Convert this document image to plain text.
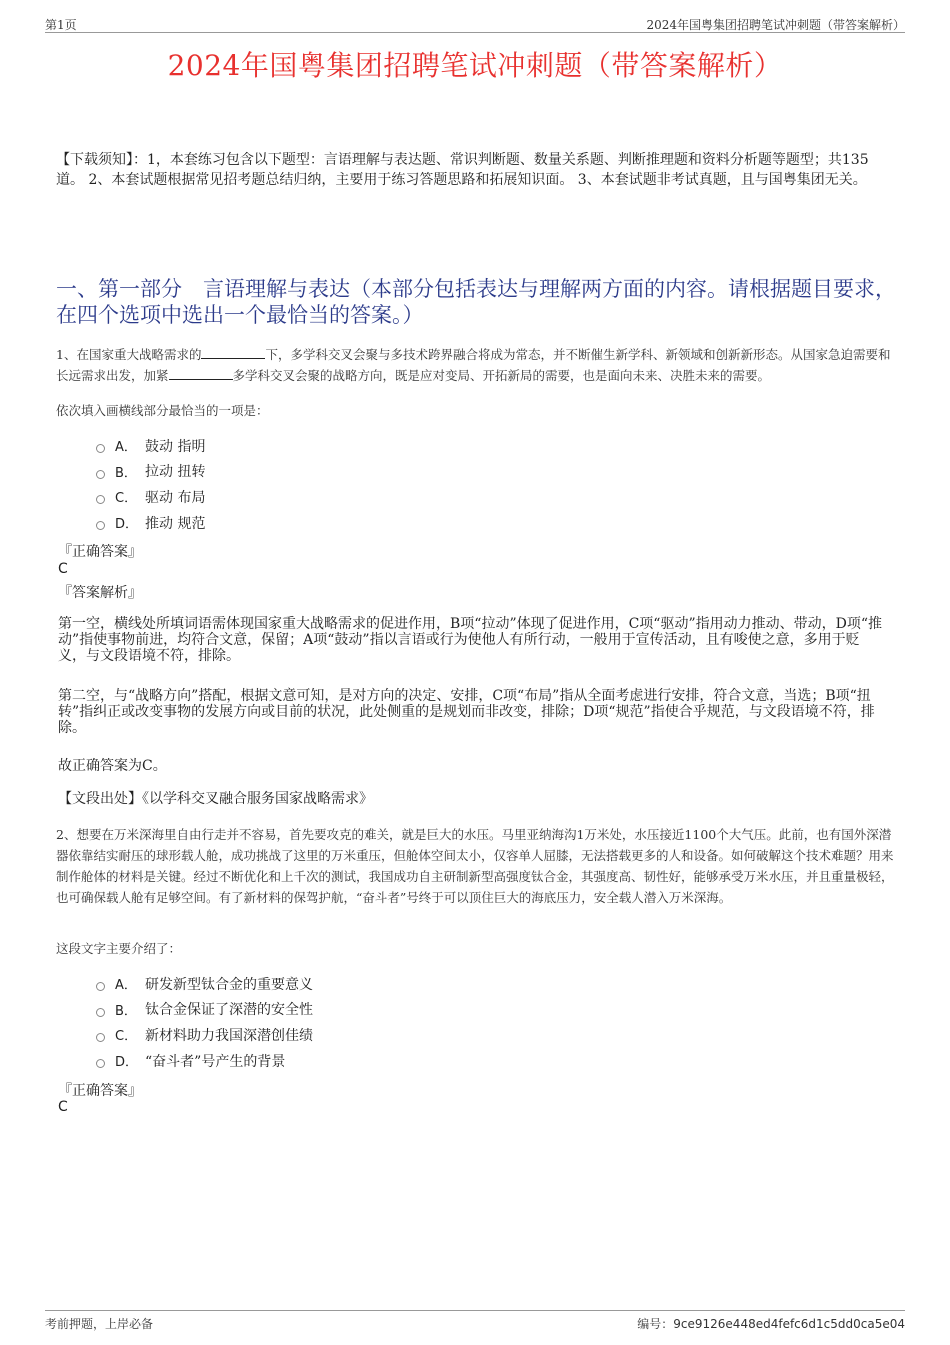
第1页	2024年国粤集团招聘笔试冲刺题（带答案解析）
2024年国粤集团招聘笔试冲刺题（带答案解析）
【下载须知】：1，本套练习包含以下题型：言语理解与表达题、常识判断题、数量关系题、判断推理题和资料分析题等题型；共135道。 2、本套试题根据常见招考题总结归纳，主要用于练习答题思路和拓展知识面。 3、本套试题非考试真题，且与国粤集团无关。
一、第一部分　言语理解与表达（本部分包括表达与理解两方面的内容。请根据题目要求，在四个选项中选出一个最恰当的答案。）
1、在国家重大战略需求的	下，多学科交叉会聚与多技术跨界融合将成为常态，并不断催生新学科、新领域和创新新形态。从国家急迫需要和长远需求出发，加紧	多学科交叉会聚的战略方向，既是应对变局、开拓新局的需要，也是面向未来、决胜未来的需要。
依次填入画横线部分最恰当的一项是：
A． 鼓动 指明
B． 拉动 扭转
C． 驱动 布局
D． 推动 规范
『正确答案』
C
『答案解析』
第一空，横线处所填词语需体现国家重大战略需求的促进作用，B项“拉动”体现了促进作用，C项“驱动”指用动力推动、带动，D项“推动”指使事物前进，均符合文意，保留；A项“鼓动”指以言语或行为使他人有所行动，一般用于宣传活动，且有唆使之意，多用于贬义，与文段语境不符，排除。
第二空，与“战略方向”搭配，根据文意可知，是对方向的决定、安排，C项“布局”指从全面考虑进行安排，符合文意，当选；B项“扭转”指纠正或改变事物的发展方向或目前的状况，此处侧重的是规划而非改变，排除；D项“规范”指使合乎规范，与文段语境不符，排除。
故正确答案为C。
【文段出处】《以学科交叉融合服务国家战略需求》
2、想要在万米深海里自由行走并不容易，首先要攻克的难关，就是巨大的水压。马里亚纳海沟1万米处，水压接近1100个大气压。此前，也有国外深潜器依靠结实耐压的球形载人舱，成功挑战了这里的万米重压，但舱体空间太小，仅容单人屈膝，无法搭载更多的人和设备。如何破解这个技术难题？用来制作舱体的材料是关键。经过不断优化和上千次的测试，我国成功自主研制新型高强度钛合金，其强度高、韧性好，能够承受万米水压，并且重量极轻，也可确保载人舱有足够空间。有了新材料的保驾护航，“奋斗者”号终于可以顶住巨大的海底压力，安全载人潜入万米深海。
这段文字主要介绍了：
A． 研发新型钛合金的重要意义
B． 钛合金保证了深潜的安全性
C． 新材料助力我国深潜创佳绩
D． “奋斗者”号产生的背景
『正确答案』
C
考前押题，上岸必备	编号：9ce9126e448ed4fefc6d1c5dd0ca5e04
